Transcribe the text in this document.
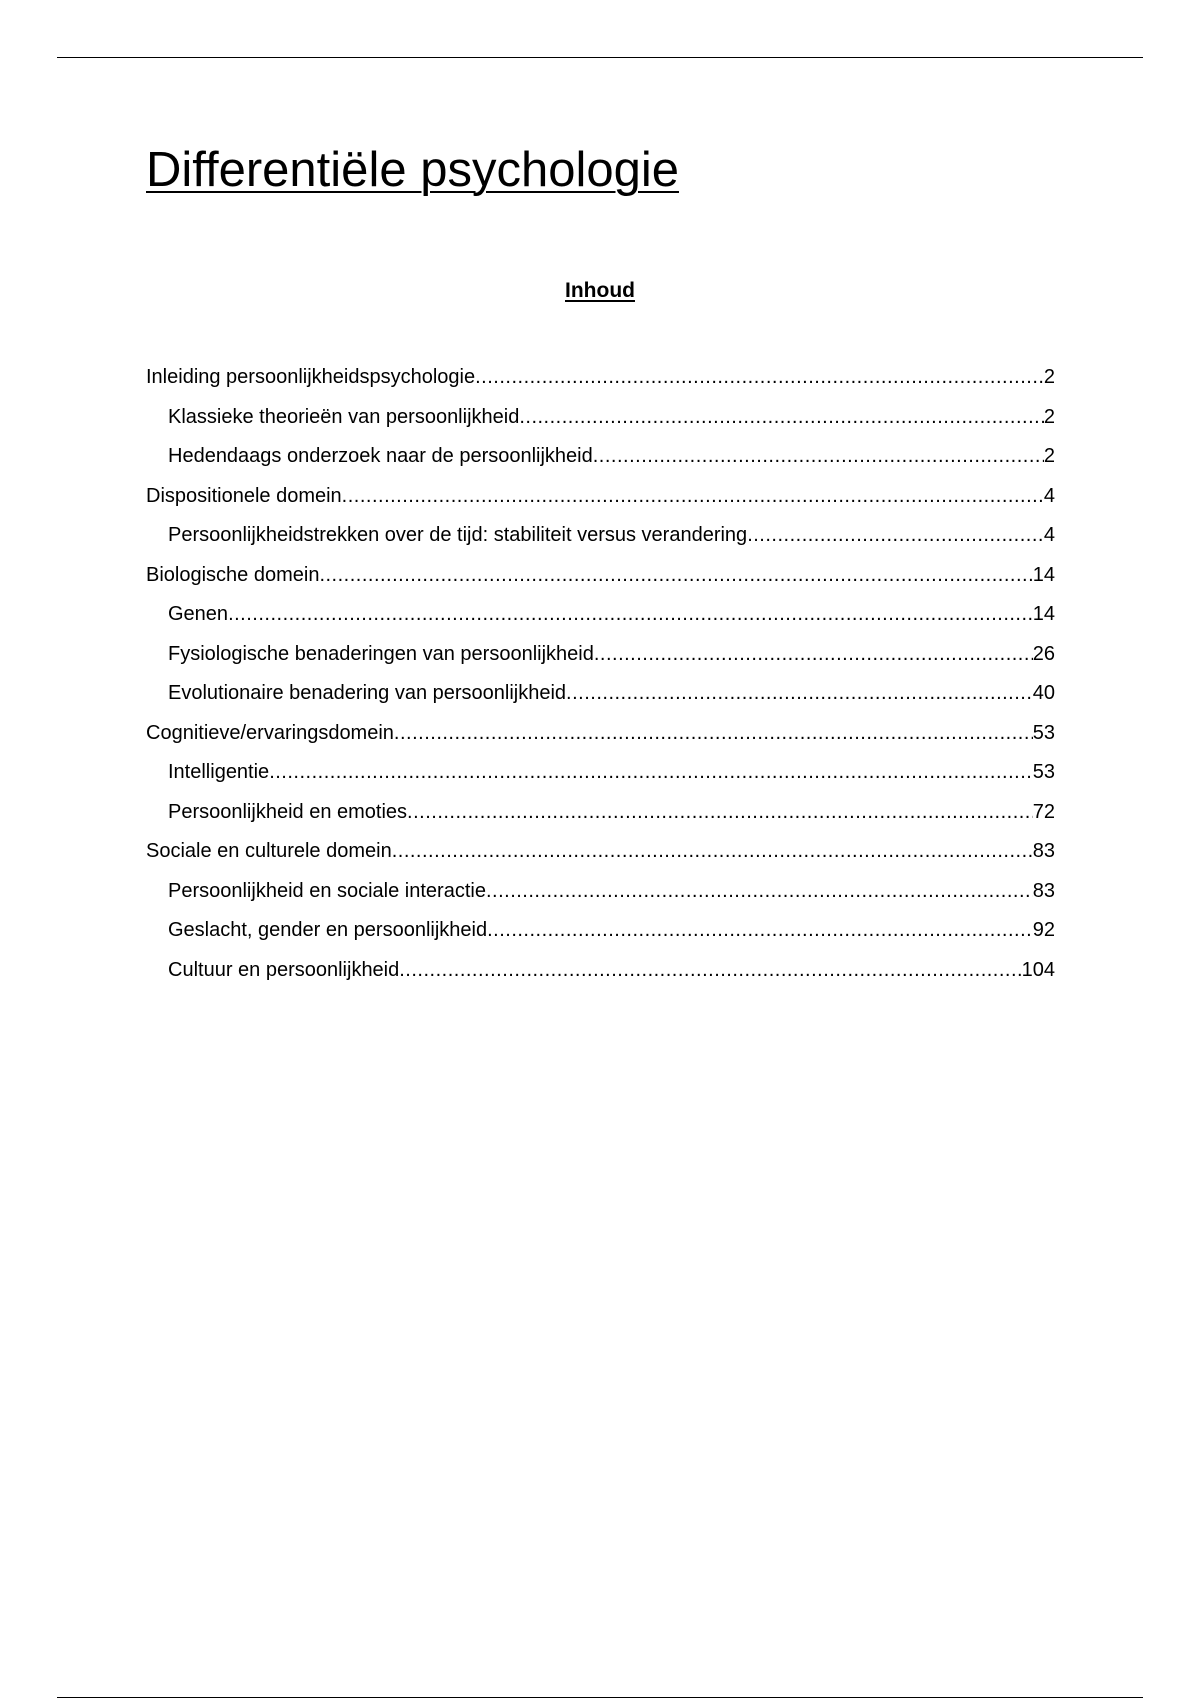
Differentiële psychologie
Inhoud
Inleiding persoonlijkheidspsychologie .....	2
Klassieke theorieën van persoonlijkheid .....	2
Hedendaags onderzoek naar de persoonlijkheid .....	2
Dispositionele domein .....	4
Persoonlijkheidstrekken over de tijd: stabiliteit versus verandering .....	4
Biologische domein .....	14
Genen .....	14
Fysiologische benaderingen van persoonlijkheid .....	26
Evolutionaire benadering van persoonlijkheid .....	40
Cognitieve/ervaringsdomein .....	53
Intelligentie .....	53
Persoonlijkheid en emoties .....	72
Sociale en culturele domein .....	83
Persoonlijkheid en sociale interactie .....	83
Geslacht, gender en persoonlijkheid .....	92
Cultuur en persoonlijkheid .....	104
